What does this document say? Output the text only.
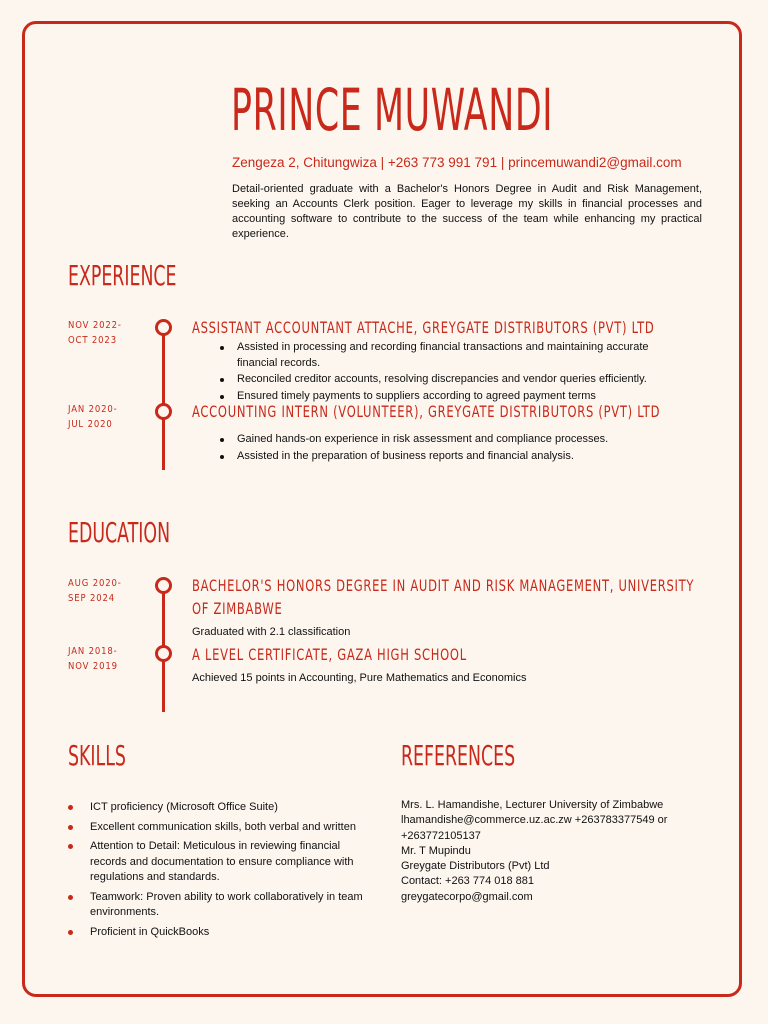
PRINCE MUWANDI
Zengeza 2, Chitungwiza | +263 773 991 791 | princemuwandi2@gmail.com
Detail-oriented graduate with a Bachelor's Honors Degree in Audit and Risk Management, seeking an Accounts Clerk position. Eager to leverage my skills in financial processes and accounting software to contribute to the success of the team while enhancing my practical experience.
EXPERIENCE
NOV 2022-
OCT 2023
ASSISTANT ACCOUNTANT ATTACHE, GREYGATE DISTRIBUTORS (PVT) LTD
Assisted in processing and recording financial transactions and maintaining accurate financial records.
Reconciled creditor accounts, resolving discrepancies and vendor queries efficiently.
Ensured timely payments to suppliers according to agreed payment terms
JAN 2020-
JUL 2020
ACCOUNTING INTERN (VOLUNTEER), GREYGATE DISTRIBUTORS (PVT) LTD
Gained hands-on experience in risk assessment and compliance processes.
Assisted in the preparation of business reports and financial analysis.
EDUCATION
AUG 2020-
SEP 2024
BACHELOR'S HONORS DEGREE IN AUDIT AND RISK MANAGEMENT, UNIVERSITY
OF ZIMBABWE
Graduated with 2.1 classification
JAN 2018-
NOV 2019
A LEVEL CERTIFICATE, GAZA HIGH SCHOOL
Achieved 15 points in Accounting, Pure Mathematics and Economics
SKILLS
ICT proficiency (Microsoft Office Suite)
Excellent communication skills, both verbal and written
Attention to Detail: Meticulous in reviewing financial records and documentation to ensure compliance with regulations and standards.
Teamwork: Proven ability to work collaboratively in team environments.
Proficient in QuickBooks
REFERENCES
Mrs. L. Hamandishe, Lecturer University of Zimbabwe
lhamandishe@commerce.uz.ac.zw +263783377549 or
+263772105137
Mr. T Mupindu
Greygate Distributors (Pvt) Ltd
Contact: +263 774 018 881
greygatecorpo@gmail.com
